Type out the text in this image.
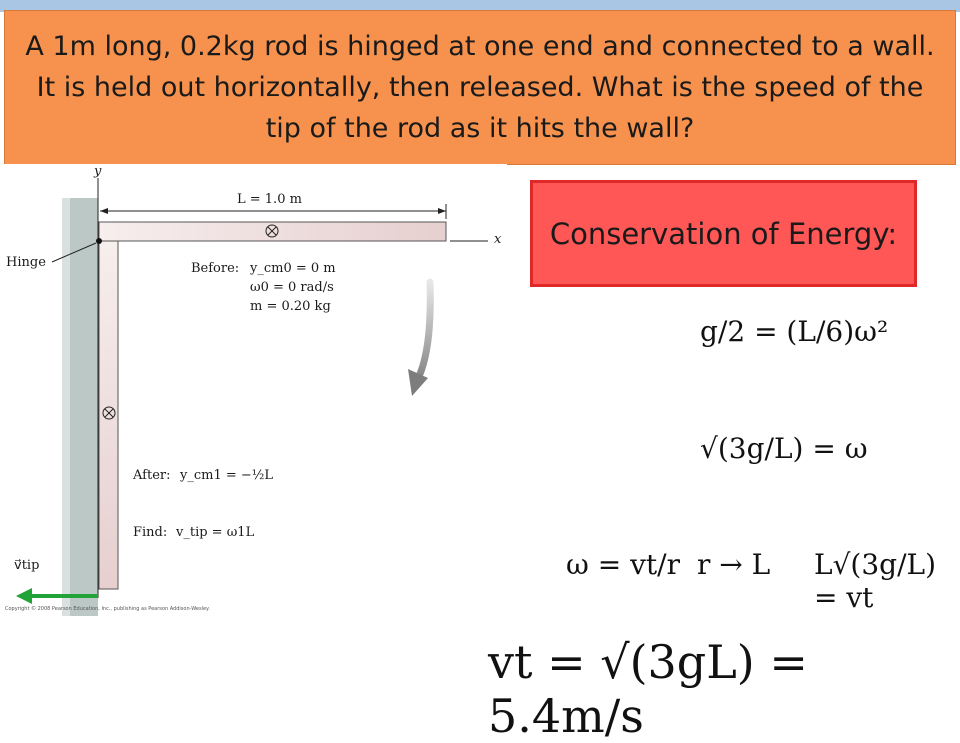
A 1m long, 0.2kg rod is hinged at one end and connected to a wall. It is held out horizontally, then released. What is the speed of the tip of the rod as it hits the wall?
y
x
L = 1.0 m
Hinge	Before: y_cm0 = 0 m
ω0 = 0 rad/s
m = 0.20 kg
After: y_cm1 = −½L
Find: v_tip = ω1L
v⃗tip
Copyright © 2008 Pearson Education, Inc., publishing as Pearson Addison-Wesley.
Conservation of Energy:
g/2 = (L/6)ω²
√(3g/L) = ω
ω = vt/r r → L L√(3g/L) = vt
vt = √(3gL) = 5.4m/s
